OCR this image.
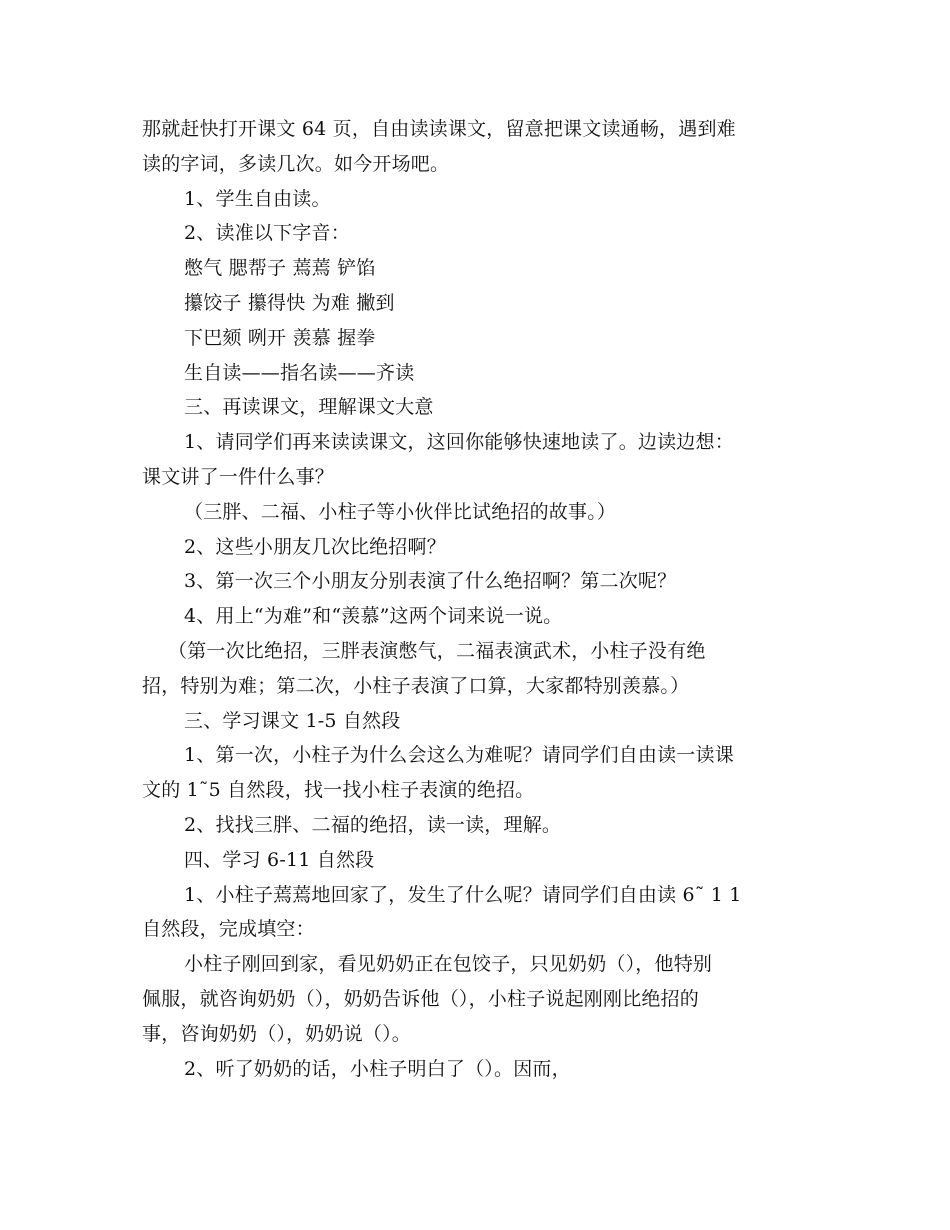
那就赶快打开课文 64 页，自由读读课文，留意把课文读通畅，遇到难
读的字词，多读几次。如今开场吧。
1、学生自由读。
2、读准以下字音：
憋气 腮帮子 蔫蔫 铲馅
攥饺子 攥得快 为难 撇到
下巴颏 咧开 羡慕 握拳
生自读——指名读——齐读
三、再读课文，理解课文大意
1、请同学们再来读读课文，这回你能够快速地读了。边读边想：
课文讲了一件什么事？
（三胖、二福、小柱子等小伙伴比试绝招的故事。）
2、这些小朋友几次比绝招啊？
3、第一次三个小朋友分别表演了什么绝招啊？第二次呢？
4、用上“为难”和“羡慕”这两个词来说一说。
（第一次比绝招，三胖表演憋气，二福表演武术，小柱子没有绝
招，特别为难；第二次，小柱子表演了口算，大家都特别羡慕。）
三、学习课文 1-5 自然段
1、第一次，小柱子为什么会这么为难呢？请同学们自由读一读课
文的 1˜5 自然段，找一找小柱子表演的绝招。
2、找找三胖、二福的绝招，读一读，理解。
四、学习 6-11 自然段
1、小柱子蔫蔫地回家了，发生了什么呢？请同学们自由读 6˜ 1 1
自然段，完成填空：
小柱子刚回到家，看见奶奶正在包饺子，只见奶奶（），他特别
佩服，就咨询奶奶（），奶奶告诉他（），小柱子说起刚刚比绝招的
事，咨询奶奶（），奶奶说（）。
2、听了奶奶的话，小柱子明白了（）。因而，
